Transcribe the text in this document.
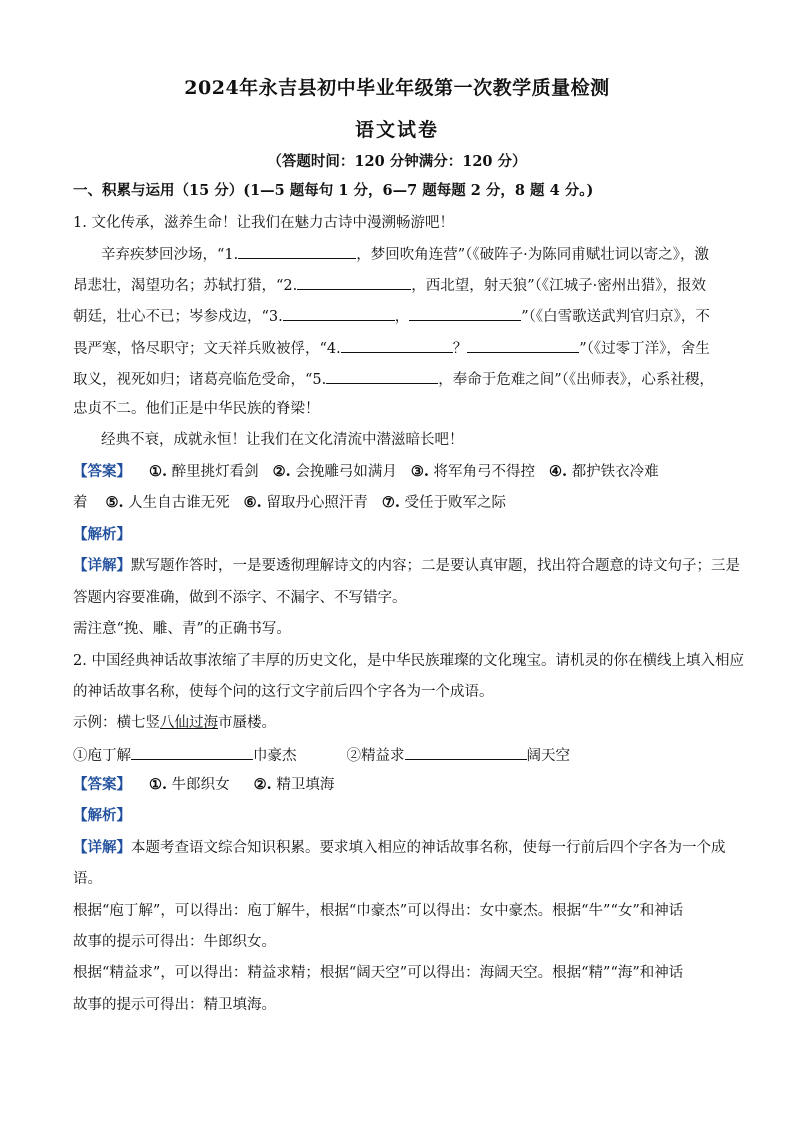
2024年永吉县初中毕业年级第一次教学质量检测
语文试卷
（答题时间：120 分钟满分：120 分）
一、积累与运用（15 分）(1—5 题每句 1 分，6—7 题每题 2 分，8 题 4 分。)
1. 文化传承，滋养生命！让我们在魅力古诗中漫溯畅游吧！
辛弃疾梦回沙场，“1.	，梦回吹角连营”（《破阵子·为陈同甫赋壮词以寄之》，激
昂悲壮，渴望功名；苏轼打猎，“2.	，西北望，射天狼”（《江城子·密州出猎》，报效
朝廷，壮心不已；岑参戍边，“3.	，	”（《白雪歌送武判官归京》，不
畏严寒，恪尽职守；文天祥兵败被俘，“4.	？	”（《过零丁洋》，舍生
取义，视死如归；诸葛亮临危受命，“5.	，奉命于危难之间”（《出师表》，心系社稷，
忠贞不二。他们正是中华民族的脊梁！
经典不衰，成就永恒！让我们在文化清流中潜滋暗长吧！
【答案】 ①. 醉里挑灯看剑 ②. 会挽雕弓如满月 ③. 将军角弓不得控 ④. 都护铁衣冷难
着 ⑤. 人生自古谁无死 ⑥. 留取丹心照汗青 ⑦. 受任于败军之际
【解析】
【详解】默写题作答时，一是要透彻理解诗文的内容；二是要认真审题，找出符合题意的诗文句子；三是
答题内容要准确，做到不添字、不漏字、不写错字。
需注意“挽、雕、青”的正确书写。
2. 中国经典神话故事浓缩了丰厚的历史文化，是中华民族璀璨的文化瑰宝。请机灵的你在横线上填入相应
的神话故事名称，使每个问的这行文字前后四个字各为一个成语。
示例：横七竖八仙过海市蜃楼。
①庖丁解	巾豪杰	②精益求	阔天空
【答案】 ①. 牛郎织女 ②. 精卫填海
【解析】
【详解】本题考查语文综合知识积累。要求填入相应的神话故事名称，使每一行前后四个字各为一个成
语。
根据“庖丁解”，可以得出：庖丁解牛，根据“巾豪杰”可以得出：女中豪杰。根据“牛”“女”和神话
故事的提示可得出：牛郎织女。
根据“精益求”，可以得出：精益求精；根据“阔天空”可以得出：海阔天空。根据“精”“海”和神话
故事的提示可得出：精卫填海。
